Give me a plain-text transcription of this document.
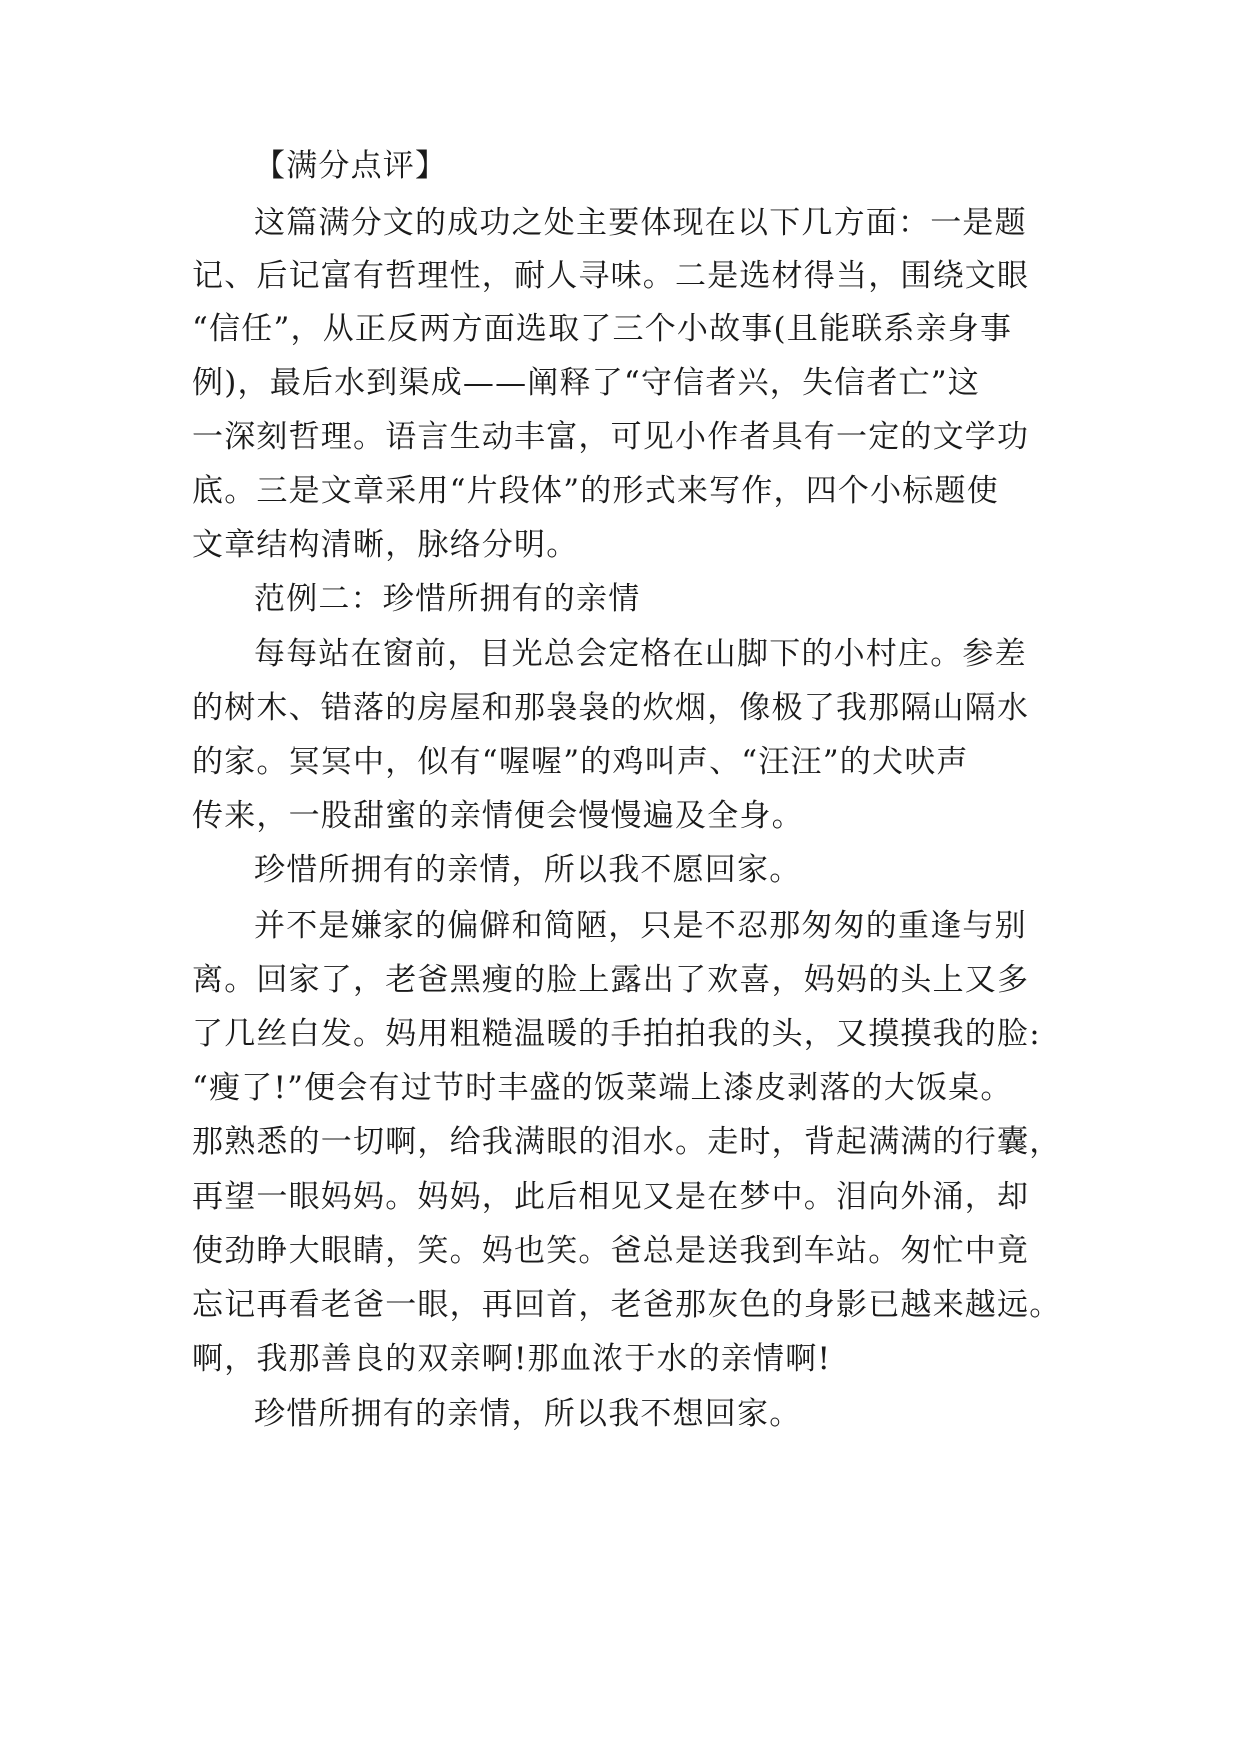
【满分点评】
这篇满分文的成功之处主要体现在以下几方面：一是题
记、后记富有哲理性，耐人寻味。二是选材得当，围绕文眼
“信任”，从正反两方面选取了三个小故事(且能联系亲身事
例)，最后水到渠成——阐释了“守信者兴，失信者亡”这
一深刻哲理。语言生动丰富，可见小作者具有一定的文学功
底。三是文章采用“片段体”的形式来写作，四个小标题使
文章结构清晰，脉络分明。
范例二：珍惜所拥有的亲情
每每站在窗前，目光总会定格在山脚下的小村庄。参差
的树木、错落的房屋和那袅袅的炊烟，像极了我那隔山隔水
的家。冥冥中，似有“喔喔”的鸡叫声、“汪汪”的犬吠声
传来，一股甜蜜的亲情便会慢慢遍及全身。
珍惜所拥有的亲情，所以我不愿回家。
并不是嫌家的偏僻和简陋，只是不忍那匆匆的重逢与别
离。回家了，老爸黑瘦的脸上露出了欢喜，妈妈的头上又多
了几丝白发。妈用粗糙温暖的手拍拍我的头，又摸摸我的脸:
“瘦了!”便会有过节时丰盛的饭菜端上漆皮剥落的大饭桌。
那熟悉的一切啊，给我满眼的泪水。走时，背起满满的行囊，
再望一眼妈妈。妈妈，此后相见又是在梦中。泪向外涌，却
使劲睁大眼睛，笑。妈也笑。爸总是送我到车站。匆忙中竟
忘记再看老爸一眼，再回首，老爸那灰色的身影已越来越远。
啊，我那善良的双亲啊!那血浓于水的亲情啊!
珍惜所拥有的亲情，所以我不想回家。
